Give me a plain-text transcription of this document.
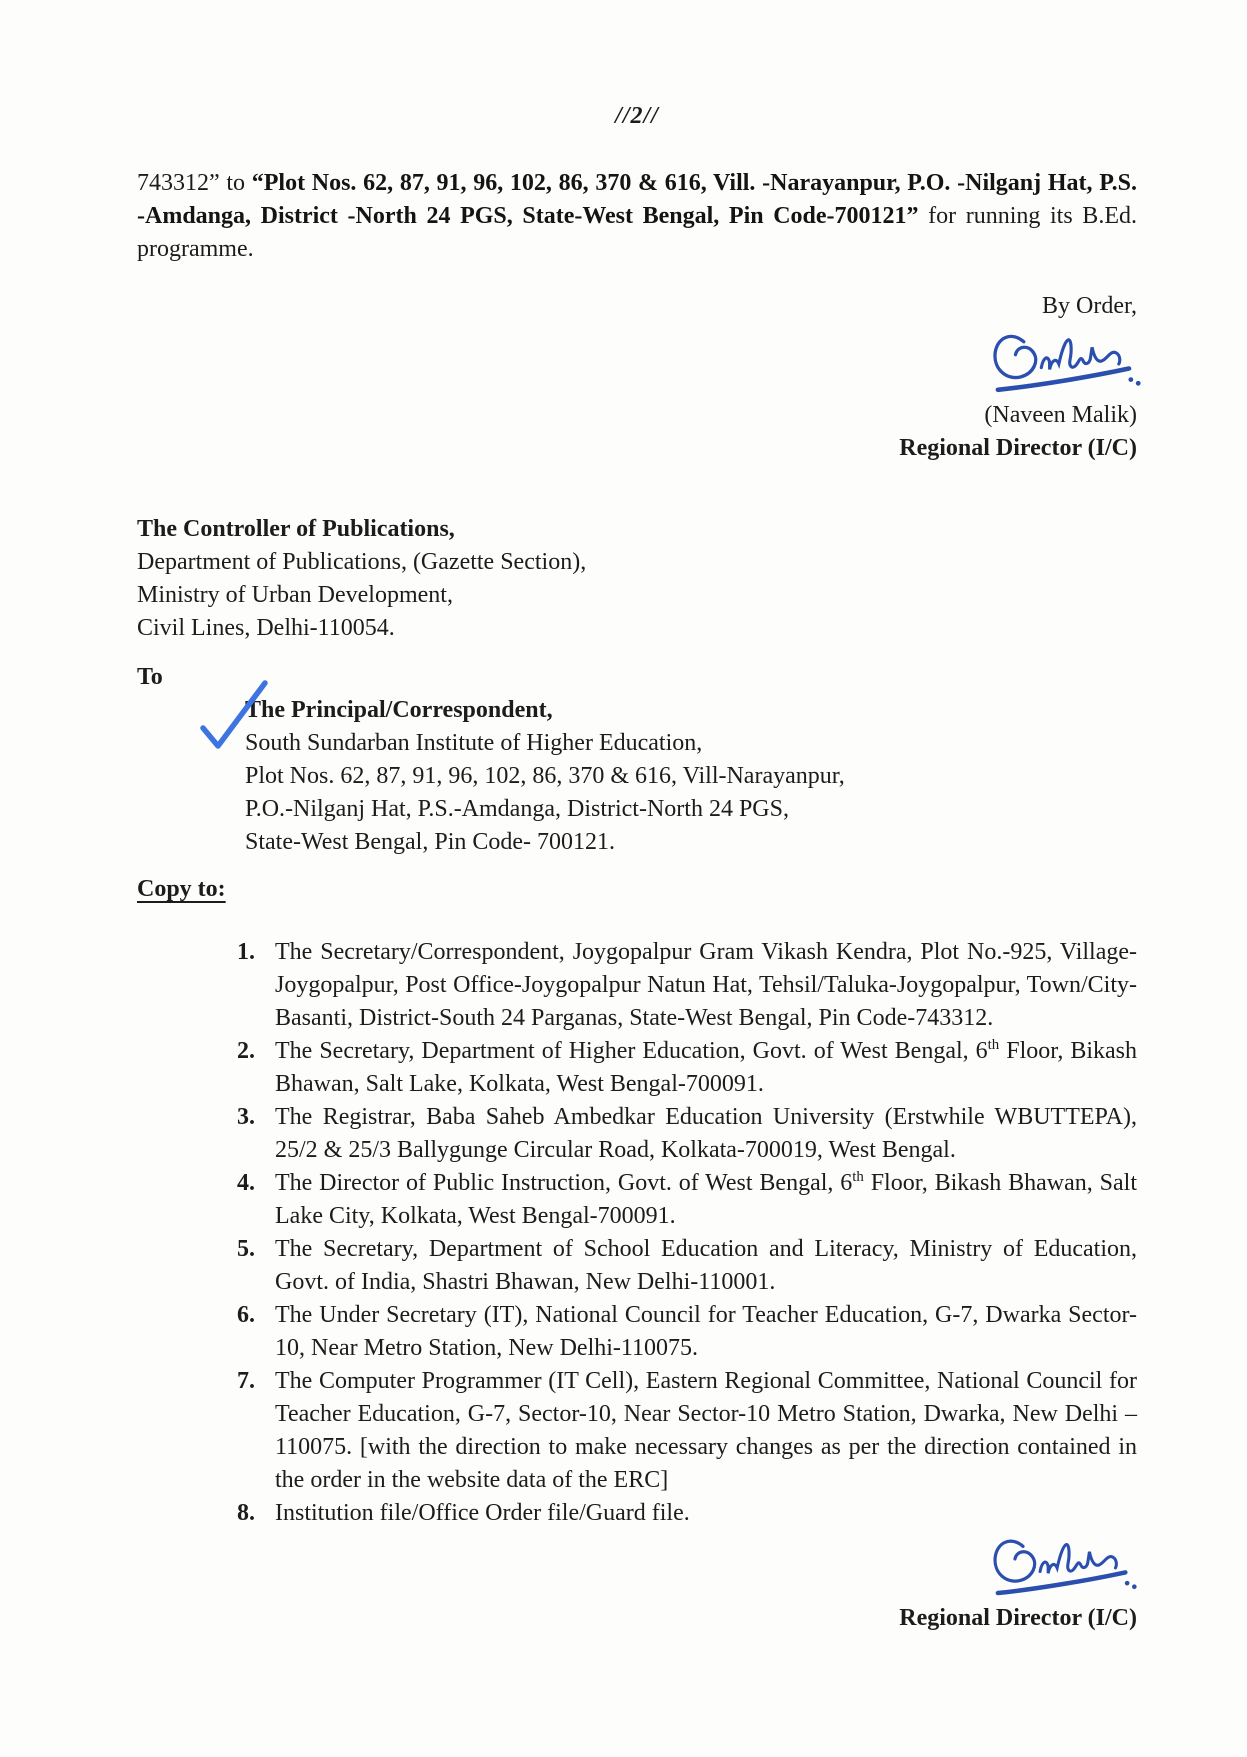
//2//

743312” to “Plot Nos. 62, 87, 91, 96, 102, 86, 370 & 616, Vill. -Narayanpur, P.O. -Nilganj Hat, P.S. -Amdanga, District -North 24 PGS, State-West Bengal, Pin Code-700121” for running its B.Ed. programme.

By Order,
(Naveen Malik)
Regional Director (I/C)
The Controller of Publications,
Department of Publications, (Gazette Section),
Ministry of Urban Development,
Civil Lines, Delhi-110054.
To
The Principal/Correspondent,
South Sundarban Institute of Higher Education,
Plot Nos. 62, 87, 91, 96, 102, 86, 370 & 616, Vill-Narayanpur,
P.O.-Nilganj Hat, P.S.-Amdanga, District-North 24 PGS,
State-West Bengal, Pin Code- 700121.
Copy to:
1. The Secretary/Correspondent, Joygopalpur Gram Vikash Kendra, Plot No.-925, Village-Joygopalpur, Post Office-Joygopalpur Natun Hat, Tehsil/Taluka-Joygopalpur, Town/City-Basanti, District-South 24 Parganas, State-West Bengal, Pin Code-743312.
2. The Secretary, Department of Higher Education, Govt. of West Bengal, 6th Floor, Bikash Bhawan, Salt Lake, Kolkata, West Bengal-700091.
3. The Registrar, Baba Saheb Ambedkar Education University (Erstwhile WBUTTEPA), 25/2 & 25/3 Ballygunge Circular Road, Kolkata-700019, West Bengal.
4. The Director of Public Instruction, Govt. of West Bengal, 6th Floor, Bikash Bhawan, Salt Lake City, Kolkata, West Bengal-700091.
5. The Secretary, Department of School Education and Literacy, Ministry of Education, Govt. of India, Shastri Bhawan, New Delhi-110001.
6. The Under Secretary (IT), National Council for Teacher Education, G-7, Dwarka Sector-10, Near Metro Station, New Delhi-110075.
7. The Computer Programmer (IT Cell), Eastern Regional Committee, National Council for Teacher Education, G-7, Sector-10, Near Sector-10 Metro Station, Dwarka, New Delhi – 110075. [with the direction to make necessary changes as per the direction contained in the order in the website data of the ERC]
8. Institution file/Office Order file/Guard file.
Regional Director (I/C)
